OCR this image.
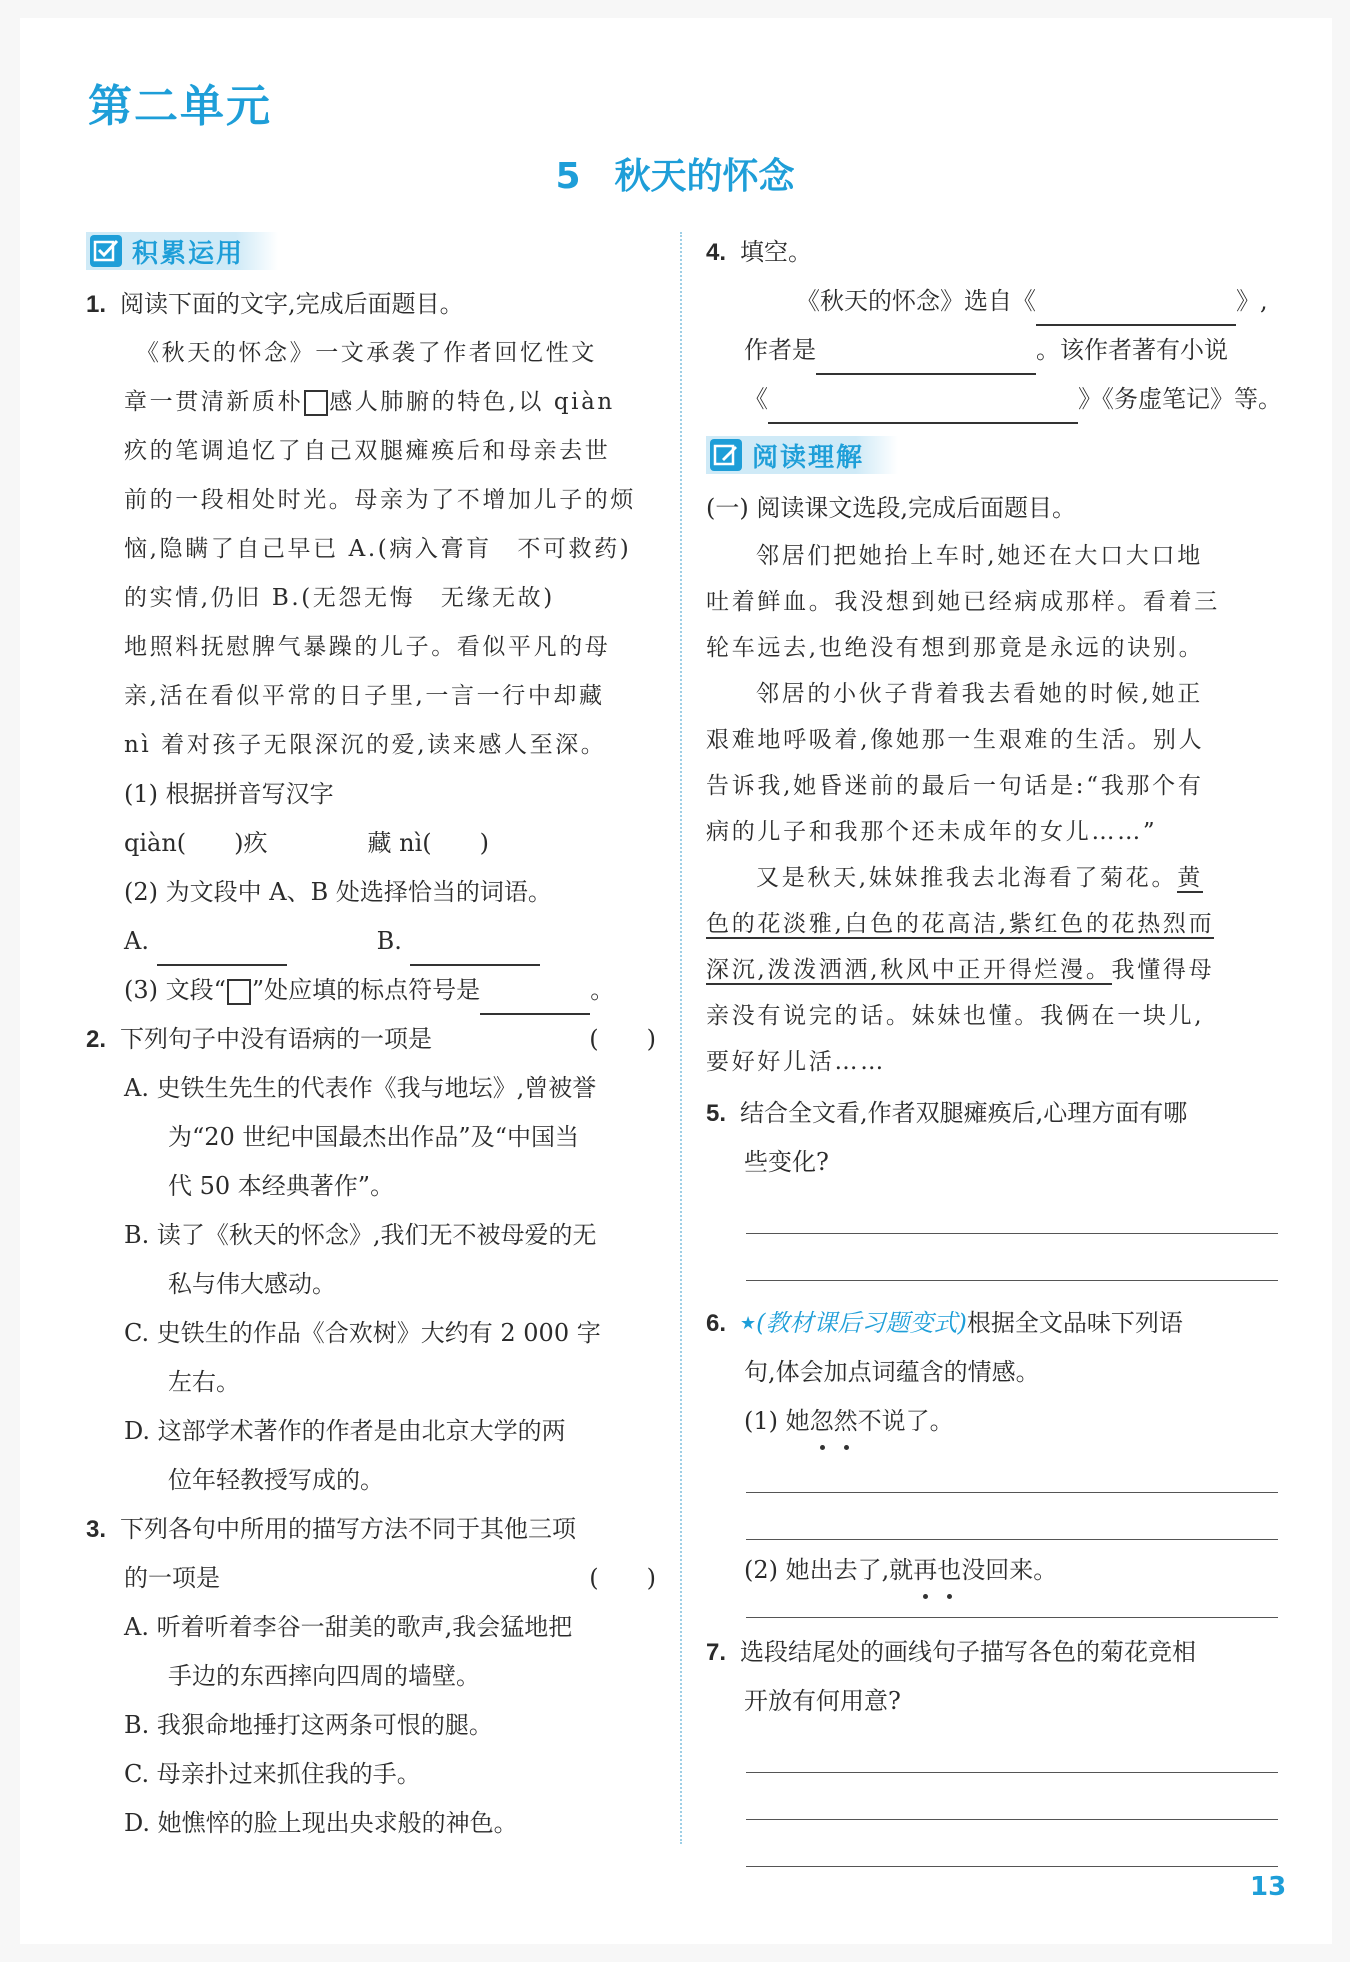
第二单元
5 秋天的怀念
积累运用
1. 阅读下面的文字,完成后面题目。
《秋天的怀念》一文承袭了作者回忆性文
章一贯清新质朴 感人肺腑的特色,以 qiàn
疚的笔调追忆了自己双腿瘫痪后和母亲去世
前的一段相处时光。母亲为了不增加儿子的烦
恼,隐瞒了自己早已 A.(病入膏肓　不可救药)
的实情,仍旧 B.(无怨无悔　无缘无故)
地照料抚慰脾气暴躁的儿子。看似平凡的母
亲,活在看似平常的日子里,一言一行中却藏
nì 着对孩子无限深沉的爱,读来感人至深。
(1) 根据拼音写汉字
qiàn(　　)疚	藏 nì(　　)
(2) 为文段中 A、B 处选择恰当的词语。
A.	B.
(3) 文段“ ”处应填的标点符号是	。
2. 下列句子中没有语病的一项是	(　　)
A. 史铁生先生的代表作《我与地坛》,曾被誉
为“20 世纪中国最杰出作品”及“中国当
代 50 本经典著作”。
B. 读了《秋天的怀念》,我们无不被母爱的无
私与伟大感动。
C. 史铁生的作品《合欢树》大约有 2 000 字
左右。
D. 这部学术著作的作者是由北京大学的两
位年轻教授写成的。
3. 下列各句中所用的描写方法不同于其他三项
的一项是	(　　)
A. 听着听着李谷一甜美的歌声,我会猛地把
手边的东西摔向四周的墙壁。
B. 我狠命地捶打这两条可恨的腿。
C. 母亲扑过来抓住我的手。
D. 她憔悴的脸上现出央求般的神色。
4. 填空。
《秋天的怀念》选自《	》,
作者是	。该作者著有小说
《	》《务虚笔记》等。
阅读理解
(一) 阅读课文选段,完成后面题目。
邻居们把她抬上车时,她还在大口大口地
吐着鲜血。我没想到她已经病成那样。看着三
轮车远去,也绝没有想到那竟是永远的诀别。
邻居的小伙子背着我去看她的时候,她正
艰难地呼吸着,像她那一生艰难的生活。别人
告诉我,她昏迷前的最后一句话是:“我那个有
病的儿子和我那个还未成年的女儿……”
又是秋天,妹妹推我去北海看了菊花。黄
色的花淡雅,白色的花高洁,紫红色的花热烈而
深沉,泼泼洒洒,秋风中正开得烂漫。我懂得母
亲没有说完的话。妹妹也懂。我俩在一块儿,
要好好儿活……
5. 结合全文看,作者双腿瘫痪后,心理方面有哪
些变化?
6. ★(教材课后习题变式)根据全文品味下列语
句,体会加点词蕴含的情感。
(1) 她忽然不说了。
(2) 她出去了,就再也没回来。
7. 选段结尾处的画线句子描写各色的菊花竞相
开放有何用意?
13
